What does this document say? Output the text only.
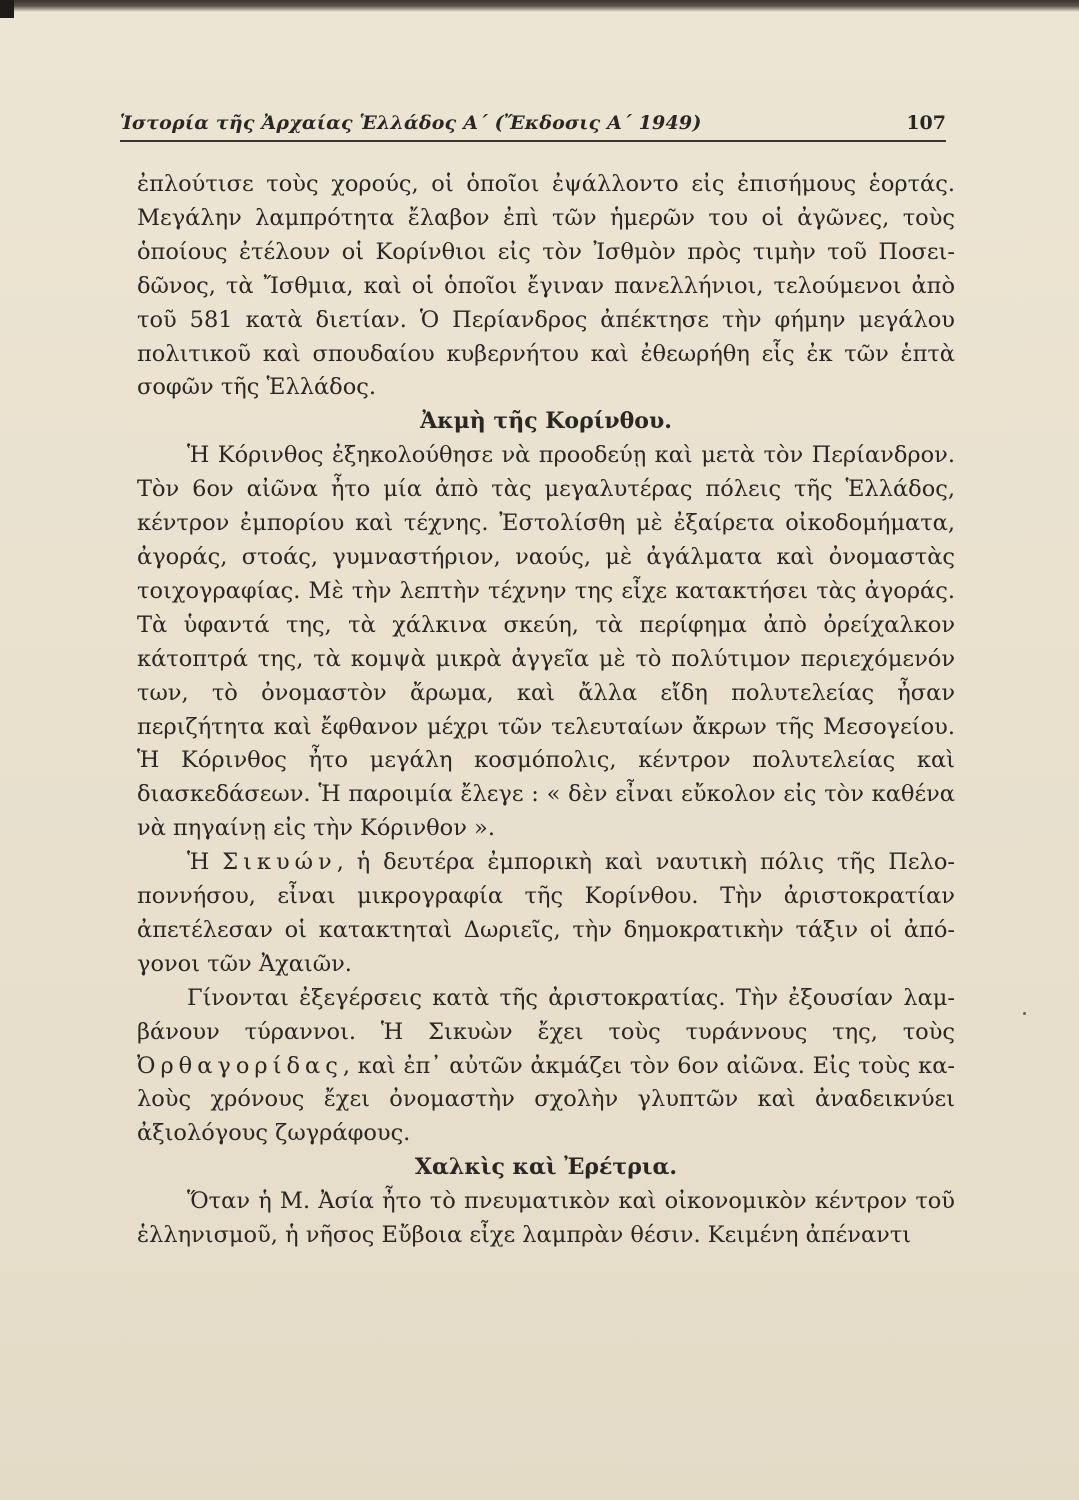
Ἱστορία τῆς Ἀρχαίας Ἑλλάδος Α΄ (Ἔκδοσις Α΄ 1949)	107

ἐπλούτισε τοὺς χορούς, οἱ ὁποῖοι ἐψάλλοντο εἰς ἐπισήμους ἑορτάς. Μεγάλην λαμπρότητα ἔλαβον ἐπὶ τῶν ἡμερῶν του οἱ ἀγῶνες, τοὺς ὁποίους ἐτέλουν οἱ Κορίνθιοι εἰς τὸν Ἰσθμὸν πρὸς τιμὴν τοῦ Ποσειδῶνος, τὰ Ἴσθμια, καὶ οἱ ὁποῖοι ἔγιναν πανελλήνιοι, τελούμενοι ἀπὸ τοῦ 581 κατὰ διετίαν. Ὁ Περίανδρος ἀπέκτησε τὴν φήμην μεγάλου πολιτικοῦ καὶ σπουδαίου κυβερνήτου καὶ ἐθεωρήθη εἷς ἐκ τῶν ἑπτὰ σοφῶν τῆς Ἑλλάδος.

Ἀκμὴ τῆς Κορίνθου.

Ἡ Κόρινθος ἐξηκολούθησε νὰ προοδεύῃ καὶ μετὰ τὸν Περίανδρον. Τὸν 6ον αἰῶνα ἦτο μία ἀπὸ τὰς μεγαλυτέρας πόλεις τῆς Ἑλλάδος, κέντρον ἐμπορίου καὶ τέχνης. Ἐστολίσθη μὲ ἐξαίρετα οἰκοδομήματα, ἀγοράς, στοάς, γυμναστήριον, ναούς, μὲ ἀγάλματα καὶ ὀνομαστὰς τοιχογραφίας. Μὲ τὴν λεπτὴν τέχνην της εἶχε κατακτήσει τὰς ἀγοράς. Τὰ ὑφαντά της, τὰ χάλκινα σκεύη, τὰ περίφημα ἀπὸ ὀρείχαλκον κάτοπτρά της, τὰ κομψὰ μικρὰ ἀγγεῖα μὲ τὸ πολύτιμον περιεχόμενόν των, τὸ ὀνομαστὸν ἄρωμα, καὶ ἄλλα εἴδη πολυτελείας ἦσαν περιζήτητα καὶ ἔφθανον μέχρι τῶν τελευταίων ἄκρων τῆς Μεσογείου. Ἡ Κόρινθος ἦτο μεγάλη κοσμόπολις, κέντρον πολυτελείας καὶ διασκεδάσεων. Ἡ παροιμία ἔλεγε : « δὲν εἶναι εὔκολον εἰς τὸν καθένα νὰ πηγαίνῃ εἰς τὴν Κόρινθον ».

Ἡ Σικυών, ἡ δευτέρα ἐμπορικὴ καὶ ναυτικὴ πόλις τῆς Πελοποννήσου, εἶναι μικρογραφία τῆς Κορίνθου. Τὴν ἀριστοκρατίαν ἀπετέλεσαν οἱ κατακτηταὶ Δωριεῖς, τὴν δημοκρατικὴν τάξιν οἱ ἀπόγονοι τῶν Ἀχαιῶν.

Γίνονται ἐξεγέρσεις κατὰ τῆς ἀριστοκρατίας. Τὴν ἐξουσίαν λαμβάνουν τύραννοι. Ἡ Σικυὼν ἔχει τοὺς τυράννους της, τοὺς Ὀρθαγορίδας, καὶ ἐπ᾿ αὐτῶν ἀκμάζει τὸν 6ον αἰῶνα. Εἰς τοὺς καλοὺς χρόνους ἔχει ὀνομαστὴν σχολὴν γλυπτῶν καὶ ἀναδεικνύει ἀξιολόγους ζωγράφους.

Χαλκὶς καὶ Ἐρέτρια.

Ὅταν ἡ Μ. Ἀσία ἦτο τὸ πνευματικὸν καὶ οἰκονομικὸν κέντρον τοῦ ἑλληνισμοῦ, ἡ νῆσος Εὔβοια εἶχε λαμπρὰν θέσιν. Κειμένη ἀπέναντι
